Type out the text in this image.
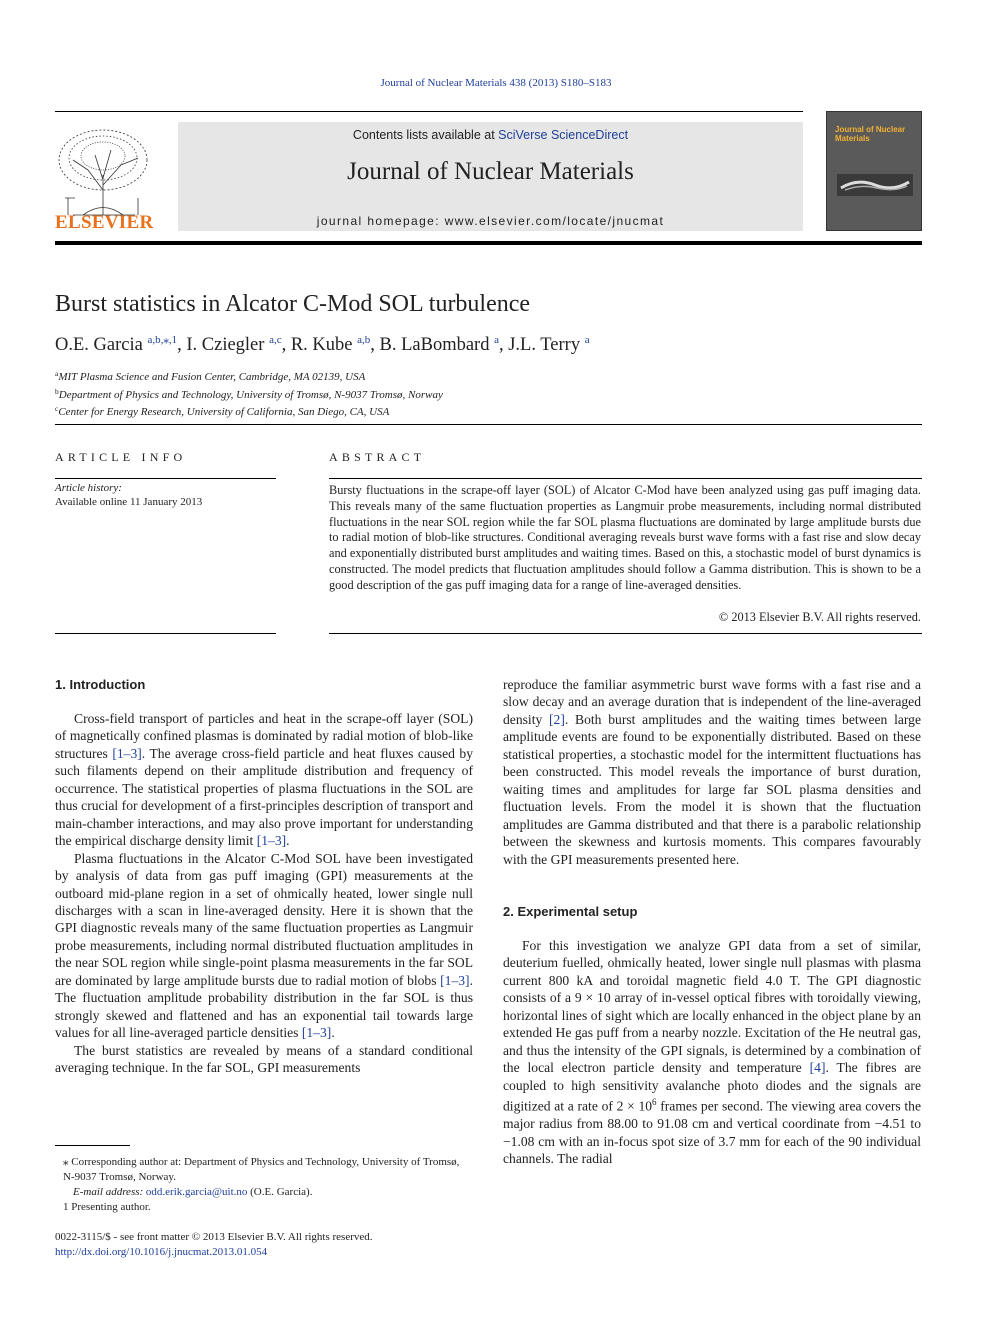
Journal of Nuclear Materials 438 (2013) S180–S183
ELSEVIER
Contents lists available at SciVerse ScienceDirect
Journal of Nuclear Materials
journal homepage: www.elsevier.com/locate/jnucmat
Journal of Nuclear Materials
Burst statistics in Alcator C-Mod SOL turbulence
O.E. Garcia $^{a,b,⁎,1}$, I. Cziegler $^{a,c}$, R. Kube $^{a,b}$, B. LaBombard $^a$, J.L. Terry $^a$
$^a$MIT Plasma Science and Fusion Center, Cambridge, MA 02139, USA
$^b$Department of Physics and Technology, University of Tromsø, N-9037 Tromsø, Norway
$^c$Center for Energy Research, University of California, San Diego, CA, USA
ARTICLE INFO
Article history:
Available online 11 January 2013
ABSTRACT
Bursty fluctuations in the scrape-off layer (SOL) of Alcator C-Mod have been analyzed using gas puff imaging data. This reveals many of the same fluctuation properties as Langmuir probe measurements, including normal distributed fluctuations in the near SOL region while the far SOL plasma fluctuations are dominated by large amplitude bursts due to radial motion of blob-like structures. Conditional averaging reveals burst wave forms with a fast rise and slow decay and exponentially distributed burst amplitudes and waiting times. Based on this, a stochastic model of burst dynamics is constructed. The model predicts that fluctuation amplitudes should follow a Gamma distribution. This is shown to be a good description of the gas puff imaging data for a range of line-averaged densities.
© 2013 Elsevier B.V. All rights reserved.
1. Introduction

Cross-field transport of particles and heat in the scrape-off layer (SOL) of magnetically confined plasmas is dominated by radial motion of blob-like structures [1–3]. The average cross-field particle and heat fluxes caused by such filaments depend on their amplitude distribution and frequency of occurrence. The statistical properties of plasma fluctuations in the SOL are thus crucial for development of a first-principles description of transport and main-chamber interactions, and may also prove important for understanding the empirical discharge density limit [1–3].

Plasma fluctuations in the Alcator C-Mod SOL have been investigated by analysis of data from gas puff imaging (GPI) measurements at the outboard mid-plane region in a set of ohmically heated, lower single null discharges with a scan in line-averaged density. Here it is shown that the GPI diagnostic reveals many of the same fluctuation properties as Langmuir probe measurements, including normal distributed fluctuation amplitudes in the near SOL region while single-point plasma measurements in the far SOL are dominated by large amplitude bursts due to radial motion of blobs [1–3]. The fluctuation amplitude probability distribution in the far SOL is thus strongly skewed and flattened and has an exponential tail towards large values for all line-averaged particle densities [1–3].

The burst statistics are revealed by means of a standard conditional averaging technique. In the far SOL, GPI measurements

reproduce the familiar asymmetric burst wave forms with a fast rise and a slow decay and an average duration that is independent of the line-averaged density [2]. Both burst amplitudes and the waiting times between large amplitude events are found to be exponentially distributed. Based on these statistical properties, a stochastic model for the intermittent fluctuations has been constructed. This model reveals the importance of burst duration, waiting times and amplitudes for large far SOL plasma densities and fluctuation levels. From the model it is shown that the fluctuation amplitudes are Gamma distributed and that there is a parabolic relationship between the skewness and kurtosis moments. This compares favourably with the GPI measurements presented here.

2. Experimental setup

For this investigation we analyze GPI data from a set of similar, deuterium fuelled, ohmically heated, lower single null plasmas with plasma current 800 kA and toroidal magnetic field 4.0 T. The GPI diagnostic consists of a 9 × 10 array of in-vessel optical fibres with toroidally viewing, horizontal lines of sight which are locally enhanced in the object plane by an extended He gas puff from a nearby nozzle. Excitation of the He neutral gas, and thus the intensity of the GPI signals, is determined by a combination of the local electron particle density and temperature [4]. The fibres are coupled to high sensitivity avalanche photo diodes and the signals are digitized at a rate of $2 \times 10^6$ frames per second. The viewing area covers the major radius from 88.00 to 91.08 cm and vertical coordinate from −4.51 to −1.08 cm with an in-focus spot size of 3.7 mm for each of the 90 individual channels. The radial

⁎ Corresponding author at: Department of Physics and Technology, University of Tromsø, N-9037 Tromsø, Norway.
E-mail address: odd.erik.garcia@uit.no (O.E. Garcia).
1 Presenting author.
0022-3115/$ - see front matter © 2013 Elsevier B.V. All rights reserved.
http://dx.doi.org/10.1016/j.jnucmat.2013.01.054
